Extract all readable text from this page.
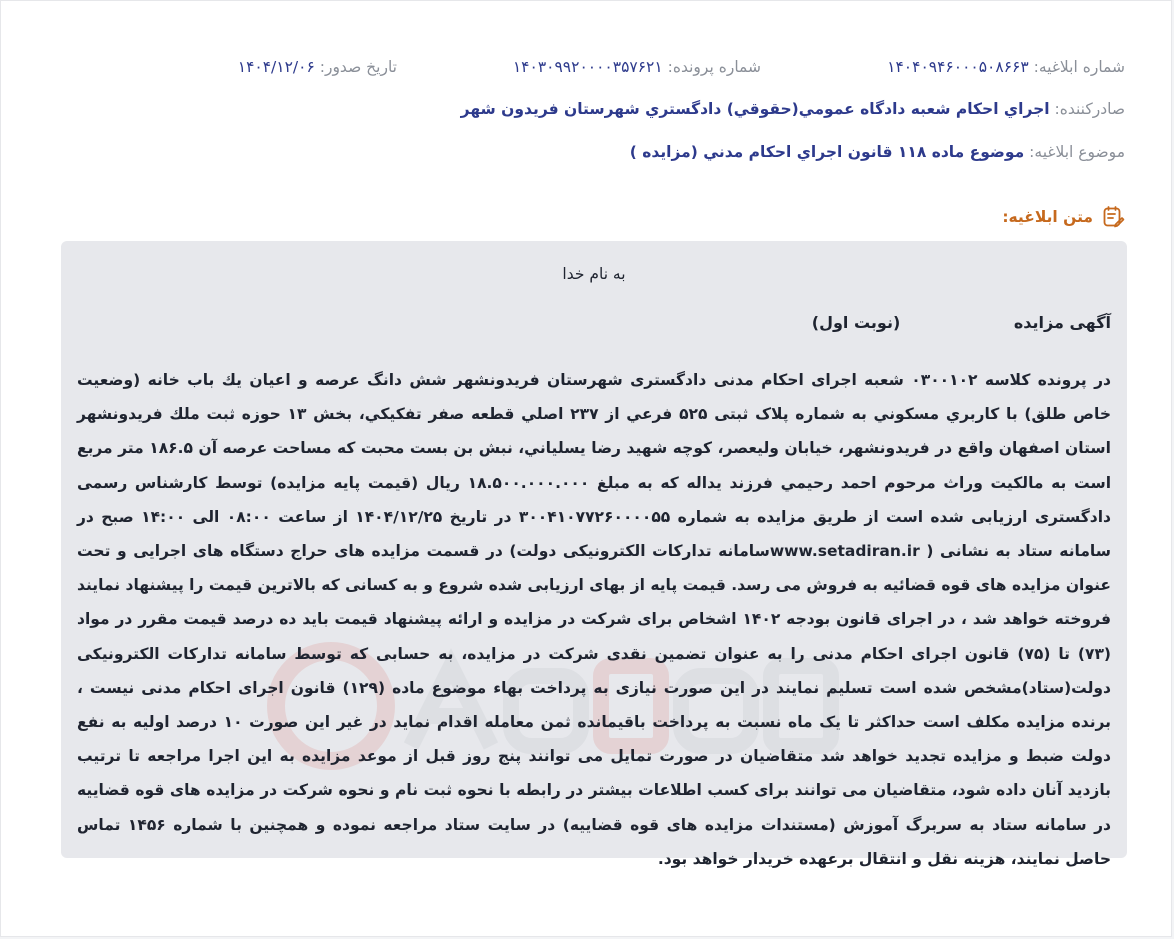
شماره ابلاغیه: ۱۴۰۴۰۹۴۶۰۰۰۵۰۸۶۶۳
شماره پرونده: ۱۴۰۳۰۹۹۲۰۰۰۰۳۵۷۶۲۱
تاریخ صدور: ۱۴۰۴/۱۲/۰۶
صادرکننده: اجراي احكام شعبه دادگاه عمومي(حقوقي) دادگستري شهرستان فريدون شهر
موضوع ابلاغیه: موضوع ماده ۱۱۸ قانون اجراي احكام مدني (مزايده )
متن ابلاغیه:
به نام خدا
آگهی مزایده (نوبت اول)
در پرونده کلاسه ۰۳۰۰۱۰۲ شعبه اجرای احکام مدنی دادگستری شهرستان فریدونشهر شش دانگ عرصه و اعیان يك باب خانه (وضعيت خاص طلق) با كاربري مسكوني به شماره پلاک ثبتی ۵۲۵ فرعي از ۲۳۷ اصلي قطعه صفر تفكيكي، بخش ۱۳ حوزه ثبت ملك فريدونشهر استان اصفهان واقع در فريدونشهر، خيابان وليعصر، كوچه شهيد رضا يسلياني، نبش بن بست محبت كه مساحت عرصه آن ۱۸۶.۵ متر مربع است به مالکیت وراث مرحوم احمد رحيمي فرزند يداله كه به مبلغ ۱۸.۵۰۰.۰۰۰.۰۰۰ ریال (قیمت پایه مزایده) توسط کارشناس رسمی دادگستری ارزیابی شده است از طریق مزایده به شماره ۳۰۰۴۱۰۷۷۲۶۰۰۰۰۵۵ در تاریخ ۱۴۰۴/۱۲/۲۵ از ساعت ۰۸:۰۰ الی ۱۴:۰۰ صبح در سامانه ستاد به نشانی ( www.setadiran.irسامانه تدارکات الکترونیکی دولت) در قسمت مزایده های حراج دستگاه های اجرایی و تحت عنوان مزایده های قوه قضائیه به فروش می رسد. قیمت پایه از بهای ارزیابی شده شروع و به کسانی که بالاترین قیمت را پیشنهاد نمایند فروخته خواهد شد ، در اجرای قانون بودجه ۱۴۰۲ اشخاص برای شرکت در مزایده و ارائه پیشنهاد قیمت باید ده درصد قیمت مقرر در مواد (۷۳) تا (۷۵) قانون اجرای احکام مدنی را به عنوان تضمین نقدی شرکت در مزایده، به حسابی که توسط سامانه تدارکات الکترونیکی دولت(ستاد)مشخص شده است تسلیم نمایند در این صورت نیازی به پرداخت بهاء موضوع ماده (۱۲۹) قانون اجرای احکام مدنی نیست ، برنده مزایده مکلف است حداکثر تا یک ماه نسبت به پرداخت باقیمانده ثمن معامله اقدام نماید در غیر این صورت ۱۰ درصد اولیه به نفع دولت ضبط و مزایده تجدید خواهد شد متقاضیان در صورت تمایل می توانند پنج روز قبل از موعد مزایده به این اجرا مراجعه تا ترتیب بازدید آنان داده شود، متقاضیان می توانند برای کسب اطلاعات بیشتر در رابطه با نحوه ثبت نام و نحوه شرکت در مزایده های قوه قضاییه در سامانه ستاد به سربرگ آموزش (مستندات مزایده های قوه قضاییه) در سایت ستاد مراجعه نموده و همچنین با شماره ۱۴۵۶ تماس حاصل نمایند، هزینه نقل و انتقال برعهده خریدار خواهد بود.
